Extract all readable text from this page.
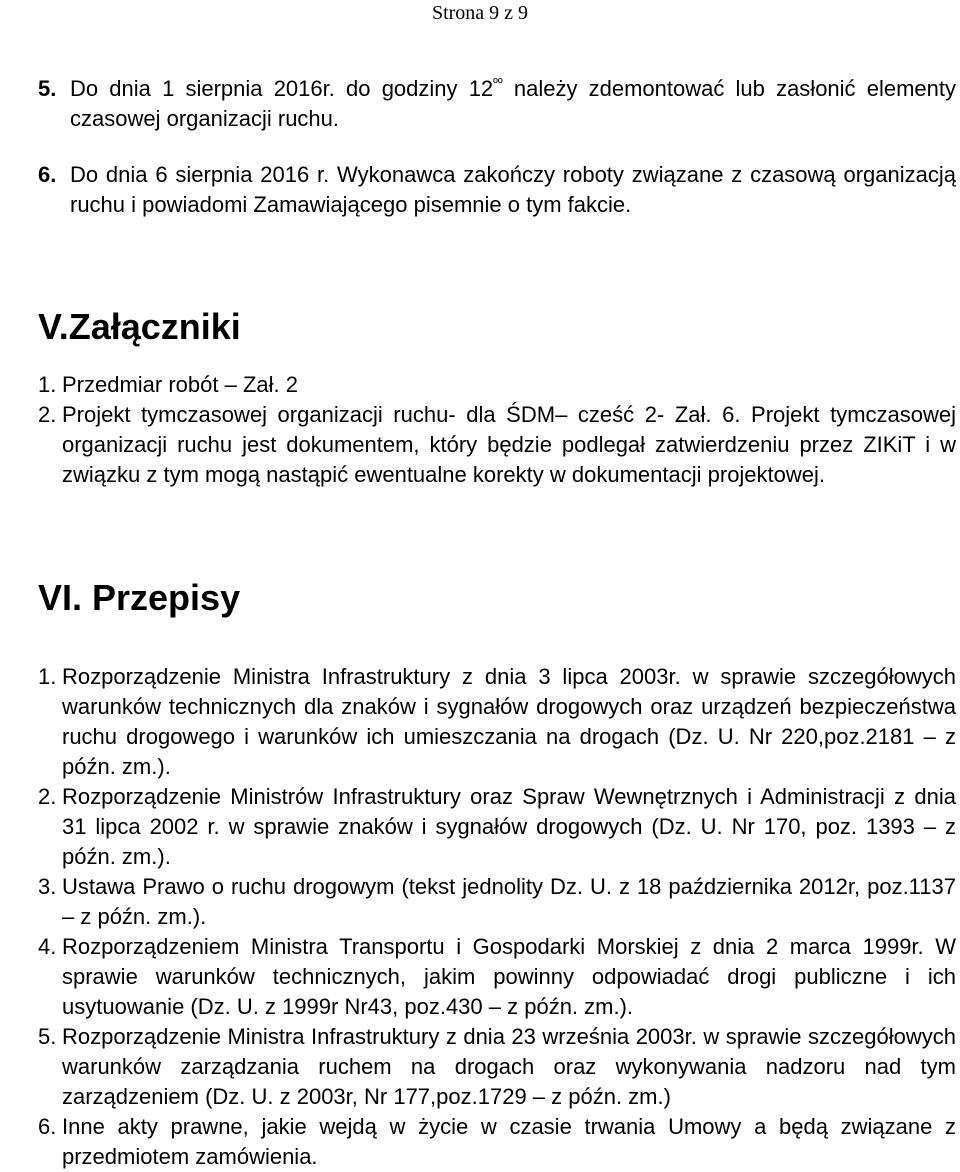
Strona 9 z 9
5. Do dnia 1 sierpnia 2016r. do godziny $12^{ºº}$ należy zdemontować lub zasłonić elementy czasowej organizacji ruchu.
6. Do dnia 6 sierpnia 2016 r. Wykonawca zakończy roboty związane z czasową organizacją ruchu i powiadomi Zamawiającego pisemnie o tym fakcie.
V.Załączniki
1. Przedmiar robót – Zał. 2
2. Projekt tymczasowej organizacji ruchu- dla ŚDM– cześć 2- Zał. 6. Projekt tymczasowej organizacji ruchu jest dokumentem, który będzie podlegał zatwierdzeniu przez ZIKiT i w związku z tym mogą nastąpić ewentualne korekty w dokumentacji projektowej.
VI. Przepisy
1. Rozporządzenie Ministra Infrastruktury z dnia 3 lipca 2003r. w sprawie szczegółowych warunków technicznych dla znaków i sygnałów drogowych oraz urządzeń bezpieczeństwa ruchu drogowego i warunków ich umieszczania na drogach (Dz. U. Nr 220,poz.2181 – z późn. zm.).
2. Rozporządzenie Ministrów Infrastruktury oraz Spraw Wewnętrznych i Administracji z dnia 31 lipca 2002 r. w sprawie znaków i sygnałów drogowych (Dz. U. Nr 170, poz. 1393 – z późn. zm.).
3. Ustawa Prawo o ruchu drogowym (tekst jednolity Dz. U. z 18 października 2012r, poz.1137 – z późn. zm.).
4. Rozporządzeniem Ministra Transportu i Gospodarki Morskiej z dnia 2 marca 1999r. W sprawie warunków technicznych, jakim powinny odpowiadać drogi publiczne i ich usytuowanie (Dz. U. z 1999r Nr43, poz.430 – z późn. zm.).
5. Rozporządzenie Ministra Infrastruktury z dnia 23 września 2003r. w sprawie szczegółowych warunków zarządzania ruchem na drogach oraz wykonywania nadzoru nad tym zarządzeniem (Dz. U. z 2003r, Nr 177,poz.1729 – z późn. zm.)
6. Inne akty prawne, jakie wejdą w życie w czasie trwania Umowy a będą związane z przedmiotem zamówienia.
